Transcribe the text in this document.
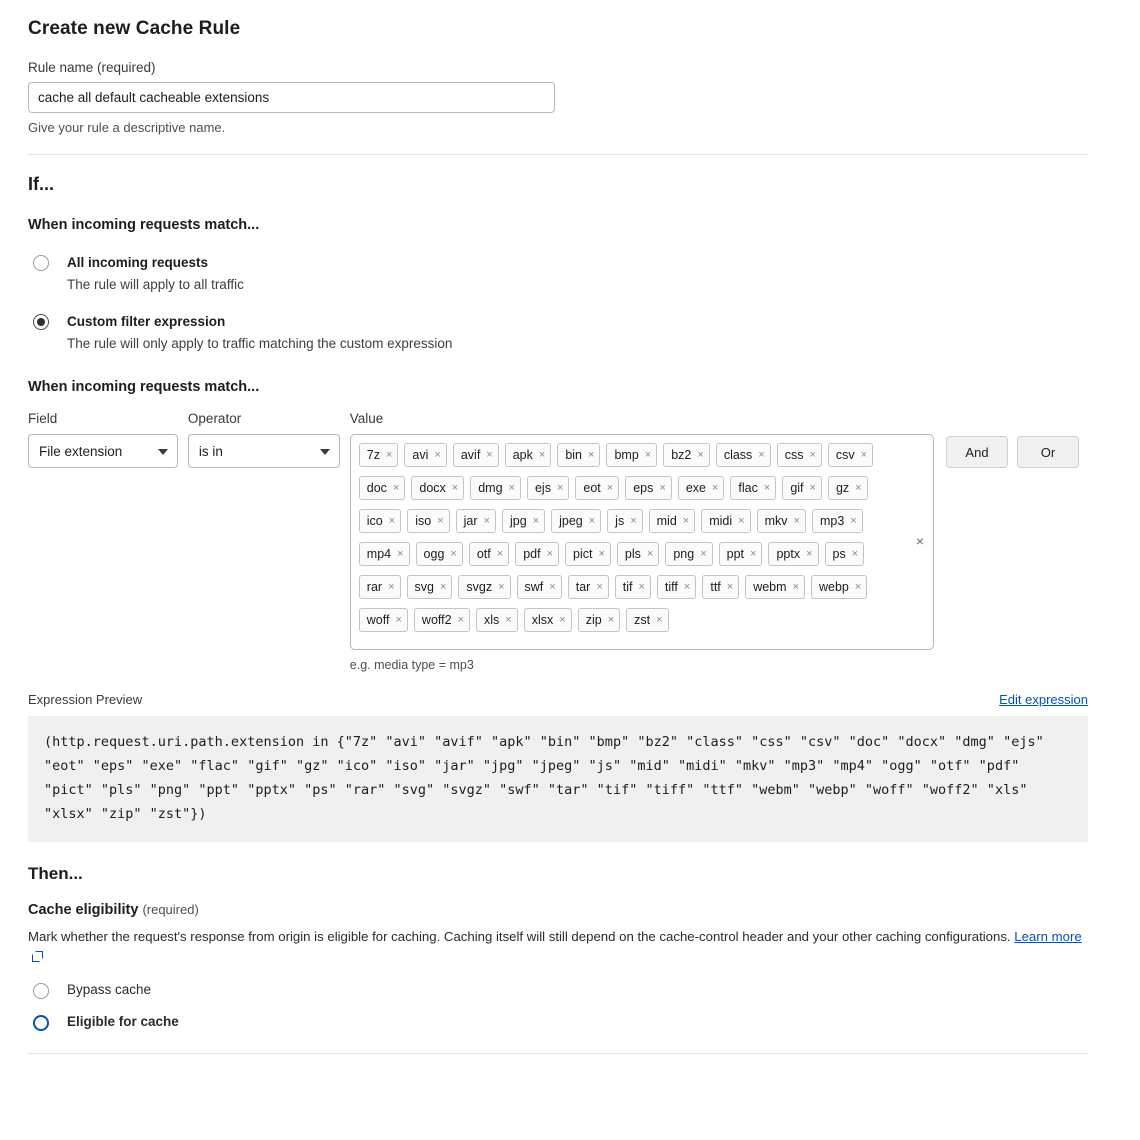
Create new Cache Rule
Rule name (required)
cache all default cacheable extensions
Give your rule a descriptive name.
If...
When incoming requests match...
All incoming requests
The rule will apply to all traffic
Custom filter expression
The rule will only apply to traffic matching the custom expression
When incoming requests match...
Field
File extension
Operator
is in
Value
7z × avi × avif × apk × bin × bmp × bz2 × class × css × csv ×
doc × docx × dmg × ejs × eot × eps × exe × flac × gif × gz ×
ico × iso × jar × jpg × jpeg × js × mid × midi × mkv × mp3 ×
mp4 × ogg × otf × pdf × pict × pls × png × ppt × pptx × ps ×
rar × svg × svgz × swf × tar × tif × tiff × ttf × webm × webp ×
woff × woff2 × xls × xlsx × zip × zst ×
×
e.g. media type = mp3
And	Or
Expression Preview	Edit expression
(http.request.uri.path.extension in {"7z" "avi" "avif" "apk" "bin" "bmp" "bz2" "class" "css" "csv" "doc" "docx" "dmg" "ejs" "eot" "eps" "exe" "flac" "gif" "gz" "ico" "iso" "jar" "jpg" "jpeg" "js" "mid" "midi" "mkv" "mp3" "mp4" "ogg" "otf" "pdf" "pict" "pls" "png" "ppt" "pptx" "ps" "rar" "svg" "svgz" "swf" "tar" "tif" "tiff" "ttf" "webm" "webp" "woff" "woff2" "xls" "xlsx" "zip" "zst"})
Then...
Cache eligibility (required)
Mark whether the request's response from origin is eligible for caching. Caching itself will still depend on the cache-control header and your other caching configurations. Learn more
Bypass cache
Eligible for cache
